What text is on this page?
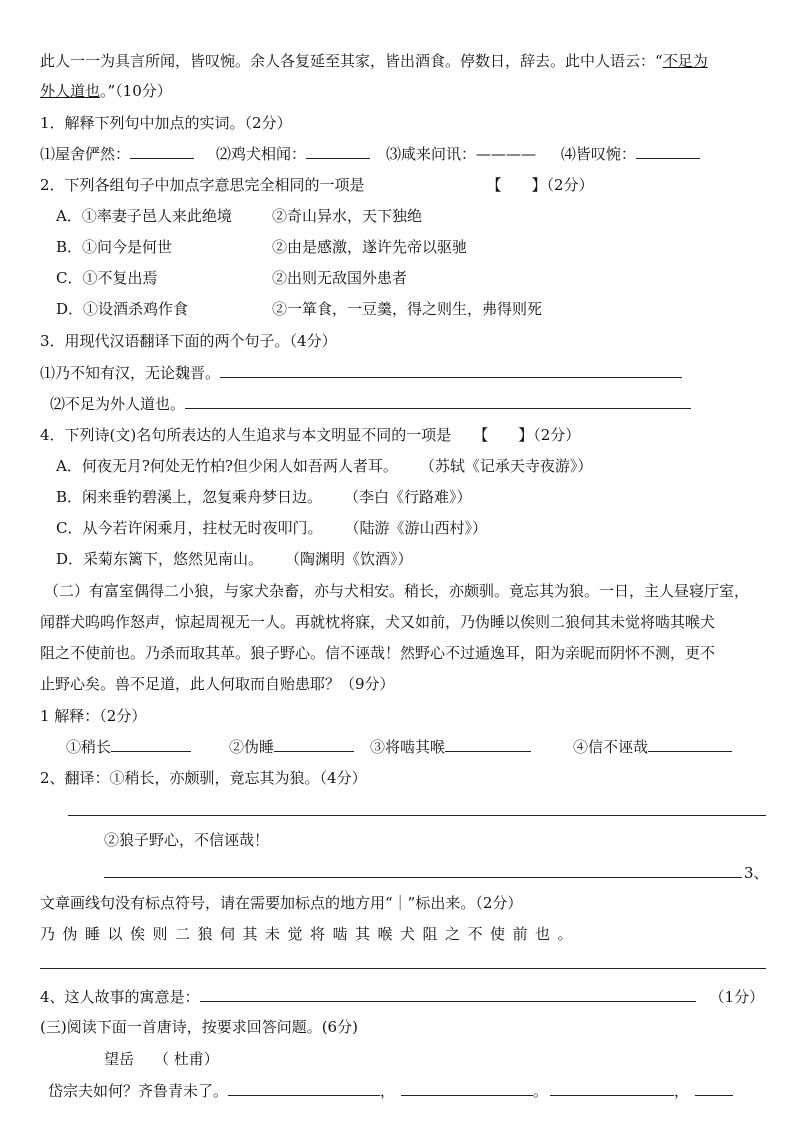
此人一一为具言所闻，皆叹惋。余人各复延至其家，皆出酒食。停数日，辞去。此中人语云：“不足为
外人道也。”（10分）
1．解释下列句中加点的实词。（2分）
⑴屋舍俨然：	⑵鸡犬相闻：	⑶咸来问讯：———— ⑷皆叹惋：
2．下列各组句子中加点字意思完全相同的一项是	【　　】（2分）
A．①率妻子邑人来此绝境	②奇山异水，天下独绝
B．①问今是何世	②由是感激，遂许先帝以驱驰
C．①不复出焉	②出则无敌国外患者
D．①设酒杀鸡作食	②一箪食，一豆羹，得之则生，弗得则死
3．用现代汉语翻译下面的两个句子。（4分）
⑴乃不知有汉，无论魏晋。
⑵不足为外人道也。
4．下列诗(文)名句所表达的人生追求与本文明显不同的一项是 【　　】（2分）
A．何夜无月?何处无竹柏?但少闲人如吾两人者耳。 （苏轼《记承天寺夜游》）
B．闲来垂钓碧溪上，忽复乘舟梦日边。 （李白《行路难》）
C．从今若许闲乘月，拄杖无时夜叩门。 （陆游《游山西村》）
D．采菊东篱下，悠然见南山。 （陶渊明《饮酒》）
（二）有富室偶得二小狼，与家犬杂畜，亦与犬相安。稍长，亦颇驯。竟忘其为狼。一日，主人昼寝厅室，
闻群犬呜呜作怒声，惊起周视无一人。再就枕将寐，犬又如前，乃伪睡以俟则二狼伺其未觉将啮其喉犬
阻之不使前也。乃杀而取其革。狼子野心。信不诬哉！然野心不过遁逸耳，阳为亲昵而阴怀不测，更不
止野心矣。兽不足道，此人何取而自贻患耶？（9分）
1 解释：（2分）
①稍长	②伪睡	③将啮其喉	④信不诬哉
2、翻译：①稍长，亦颇驯，竟忘其为狼。（4分）
②狼子野心，不信诬哉！
3、
文章画线句没有标点符号，请在需要加标点的地方用“｜”标出来。（2分）
乃伪睡以俟则二狼伺其未觉将啮其喉犬阻之不使前也。
4、这人故事的寓意是：	（1分）
(三)阅读下面一首唐诗，按要求回答问题。(6分)
望岳 （ 杜甫）
岱宗夫如何？齐鲁青未了。	，	。	，
